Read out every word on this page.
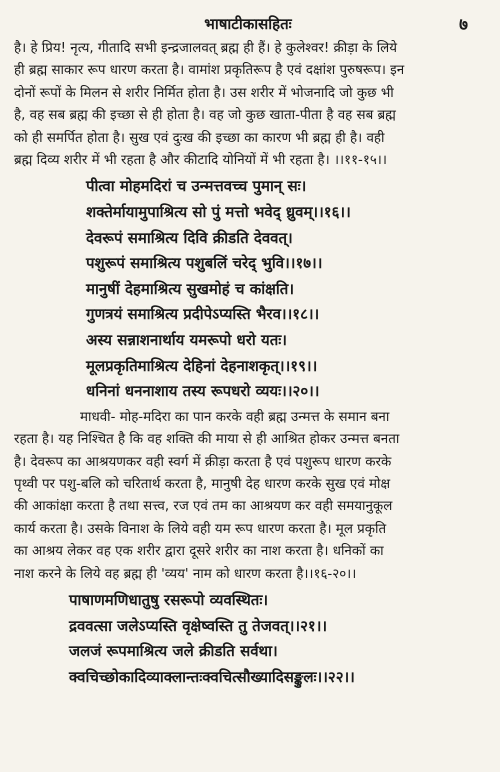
भाषाटीकासहितः	७
है। हे प्रिय! नृत्य, गीतादि सभी इन्द्रजालवत् ब्रह्म ही हैं। हे कुलेश्वर! क्रीड़ा के लिये
ही ब्रह्म साकार रूप धारण करता है। वामांश प्रकृतिरूप है एवं दक्षांश पुरुषरूप। इन
दोनों रूपों के मिलन से शरीर निर्मित होता है। उस शरीर में भोजनादि जो कुछ भी
है, वह सब ब्रह्म की इच्छा से ही होता है। वह जो कुछ खाता-पीता है वह सब ब्रह्म
को ही समर्पित होता है। सुख एवं दुःख की इच्छा का कारण भी ब्रह्म ही है। वही
ब्रह्म दिव्य शरीर में भी रहता है और कीटादि योनियों में भी रहता है। ।।११-१५।।
पीत्वा मोहमदिरां च उन्मत्तवच्च पुमान् सः।
शक्तेर्मायामुपाश्रित्य सो पुं मत्तो भवेद् ध्रुवम्।।१६।।
देवरूपं समाश्रित्य दिवि क्रीडति देववत्।
पशुरूपं समाश्रित्य पशुबलिं चरेद् भुवि।।१७।।
मानुषीं देहमाश्रित्य सुखमोहं च कांक्षति।
गुणत्रयं समाश्रित्य प्रदीपेऽप्यस्ति भैरव।।१८।।
अस्य सन्नाशनार्थाय यमरूपो धरो यतः।
मूलप्रकृतिमाश्रित्य देहिनां देहनाशकृत्।।१९।।
धनिनां धननाशाय तस्य रूपधरो व्ययः।।२०।।
माधवी- मोह-मदिरा का पान करके वही ब्रह्म उन्मत्त के समान बना
रहता है। यह निश्चित है कि वह शक्ति की माया से ही आश्रित होकर उन्मत्त बनता
है। देवरूप का आश्रयणकर वही स्वर्ग में क्रीड़ा करता है एवं पशुरूप धारण करके
पृथ्वी पर पशु-बलि को चरितार्थ करता है, मानुषी देह धारण करके सुख एवं मोक्ष
की आकांक्षा करता है तथा सत्त्व, रज एवं तम का आश्रयण कर वही समयानुकूल
कार्य करता है। उसके विनाश के लिये वही यम रूप धारण करता है। मूल प्रकृति
का आश्रय लेकर वह एक शरीर द्वारा दूसरे शरीर का नाश करता है। धनिकों का
नाश करने के लिये वह ब्रह्म ही 'व्यय' नाम को धारण करता है।।१६-२०।।
पाषाणमणिधातुषु रसरूपो व्यवस्थितः।
द्रववत्सा जलेऽप्यस्ति वृक्षेष्वस्ति तु तेजवत्।।२१।।
जलजं रूपमाश्रित्य जले क्रीडति सर्वथा।
क्वचिच्छोकादिव्याक्लान्तःक्वचित्सौख्यादिसङ्कुलः।।२२।।
